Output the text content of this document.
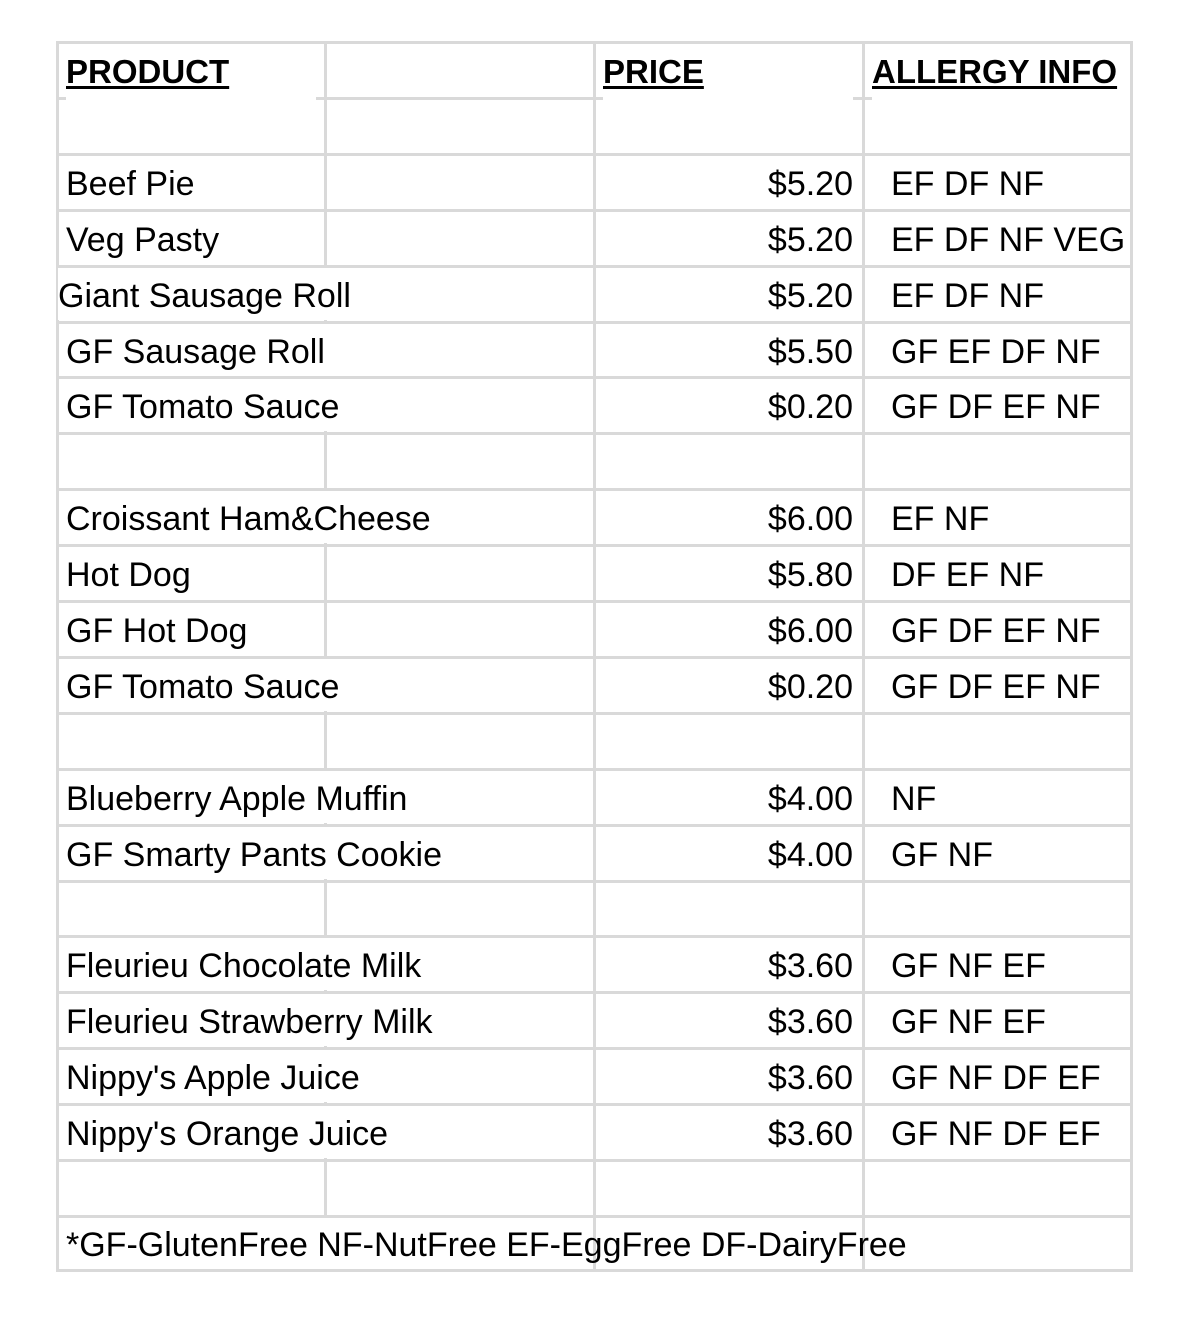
PRODUCT	PRICE	ALLERGY INFO
*GF-GlutenFree NF-NutFree EF-EggFree DF-DairyFree
Beef Pie	$5.20 EF DF NF
Veg Pasty	$5.20 EF DF NF VEG
Giant Sausage Roll	$5.20 EF DF NF
GF Sausage Roll	$5.50 GF EF DF NF
GF Tomato Sauce	$0.20 GF DF EF NF
Croissant Ham&Cheese	$6.00 EF NF
Hot Dog	$5.80 DF EF NF
GF Hot Dog	$6.00 GF DF EF NF
GF Tomato Sauce	$0.20 GF DF EF NF
Blueberry Apple Muffin	$4.00 NF
GF Smarty Pants Cookie	$4.00 GF NF
Fleurieu Chocolate Milk	$3.60 GF NF EF
Fleurieu Strawberry Milk	$3.60 GF NF EF
Nippy's Apple Juice	$3.60 GF NF DF EF
Nippy's Orange Juice	$3.60 GF NF DF EF
